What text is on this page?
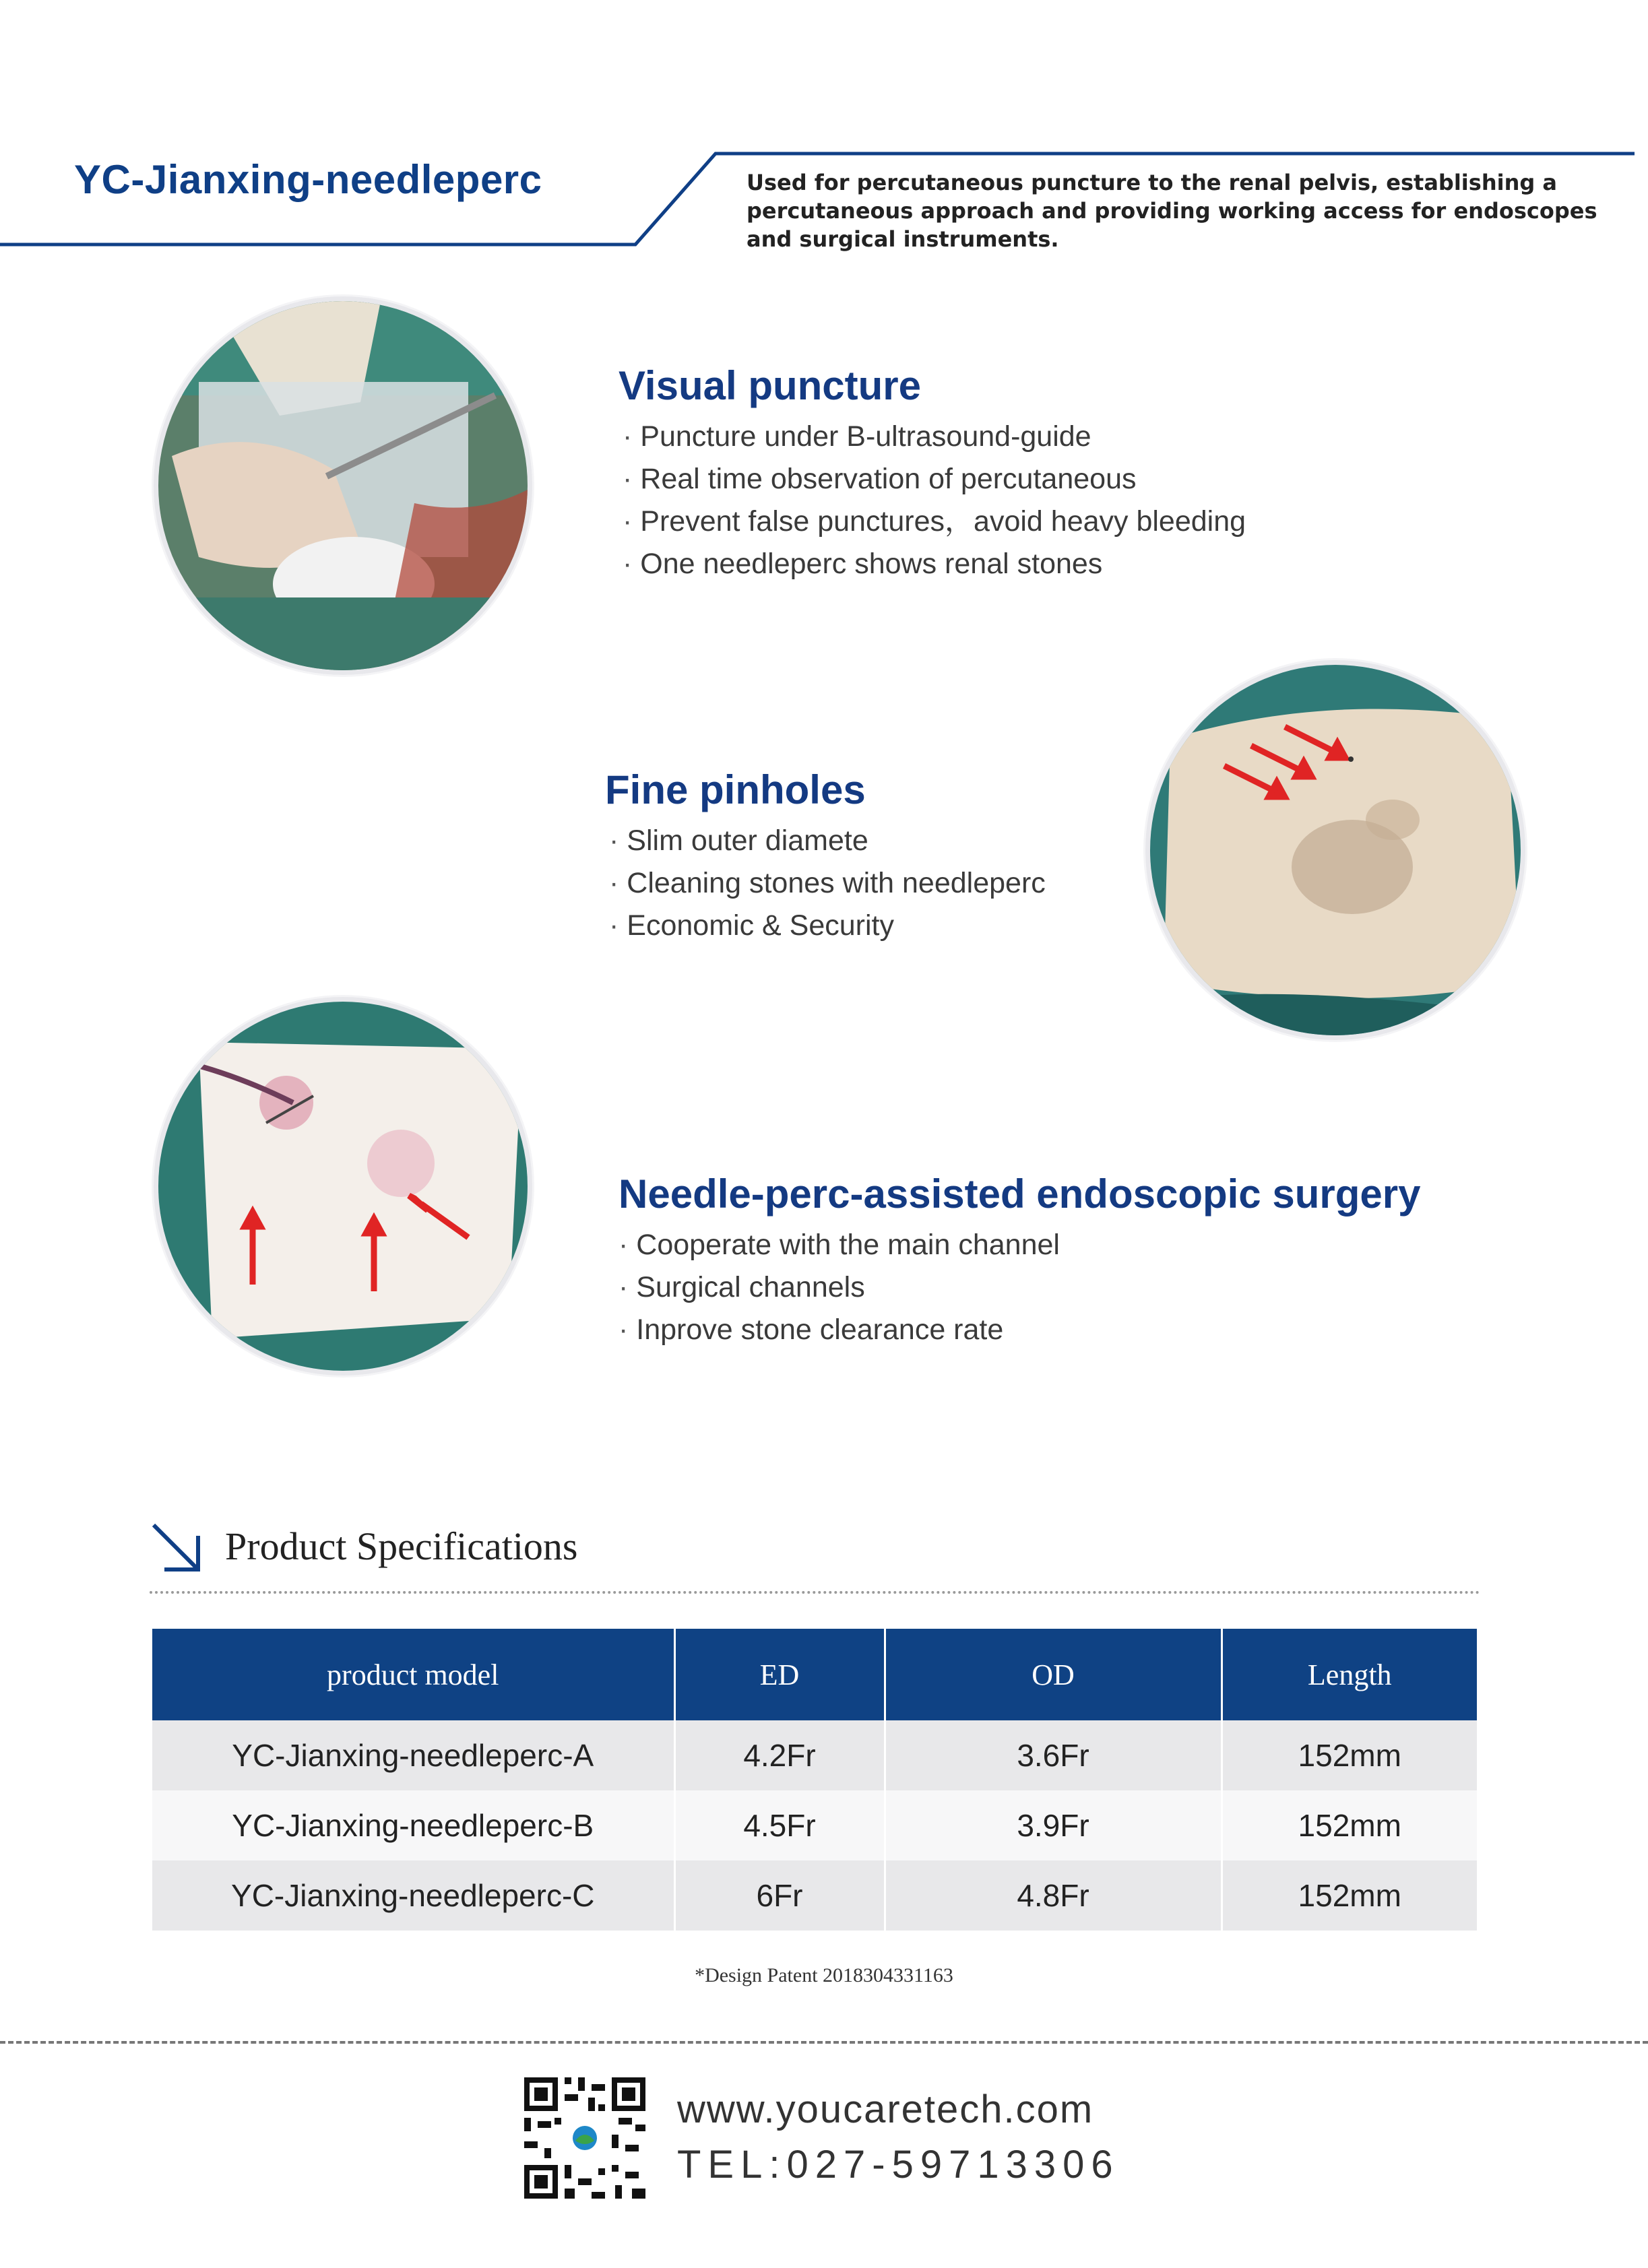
YC-Jianxing-needleperc	Used for percutaneous puncture to the renal pelvis, establishing a percutaneous approach and providing working access for endoscopes and surgical instruments.
Visual puncture
· Puncture under B-ultrasound-guide
· Real time observation of percutaneous
· Prevent false punctures，avoid heavy bleeding
· One needleperc shows renal stones
Fine pinholes
· Slim outer diamete
· Cleaning stones with needleperc
· Economic & Security
Needle-perc-assisted endoscopic surgery
· Cooperate with the main channel
· Surgical channels
· Inprove stone clearance rate
Product Specifications
product model	ED	OD	Length
YC-Jianxing-needleperc-A	4.2Fr	3.6Fr	152mm
YC-Jianxing-needleperc-B	4.5Fr	3.9Fr	152mm
YC-Jianxing-needleperc-C	6Fr	4.8Fr	152mm
*Design Patent 2018304331163
www.youcaretech.com
TEL:027-59713306
